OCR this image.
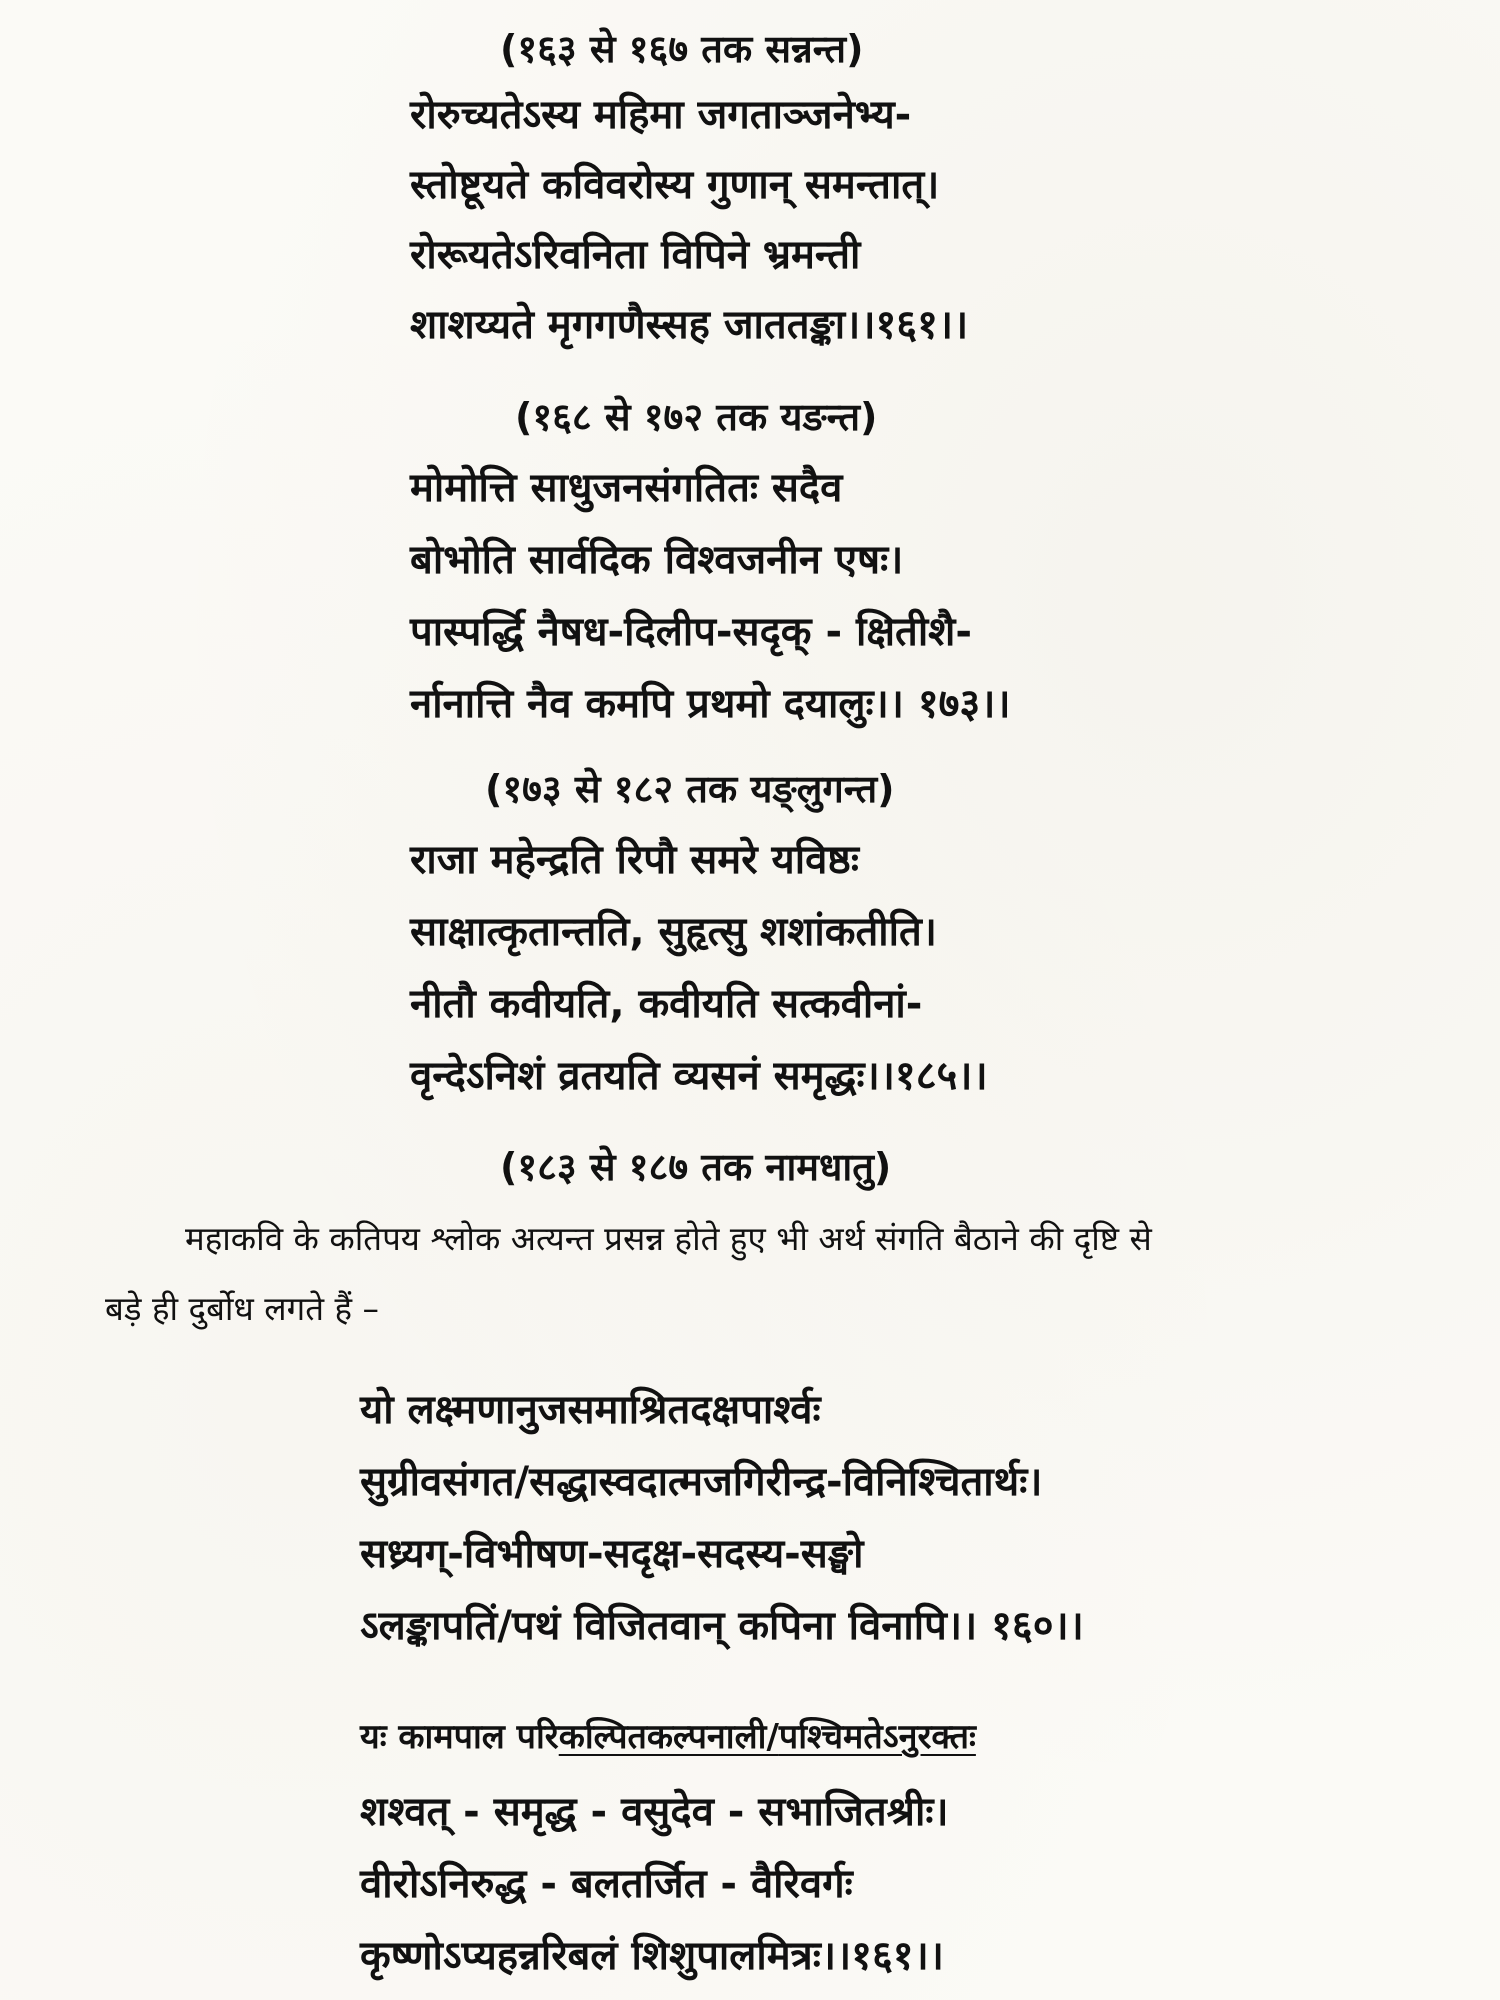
(१६३ से १६७ तक सन्नन्त)
रोरुच्यतेऽस्य महिमा जगताञ्जनेभ्य-
स्तोष्टूयते कविवरोस्य गुणान् समन्तात्।
रोरूयतेऽरिवनिता विपिने भ्रमन्ती
शाशय्यते मृगगणैस्सह जाततङ्का।।१६१।।
(१६८ से १७२ तक यङन्त)
मोमोत्ति साधुजनसंगतितः सदैव
बोभोति सार्वदिक विश्वजनीन एषः।
पास्पर्द्धि नैषध-दिलीप-सदृक् - क्षितीशै-
र्नानात्ति नैव कमपि प्रथमो दयालुः।। १७३।।
(१७३ से १८२ तक यङ्लुगन्त)
राजा महेन्द्रति रिपौ समरे यविष्ठः
साक्षात्कृतान्तति, सुहृत्सु शशांकतीति।
नीतौ कवीयति, कवीयति सत्कवीनां-
वृन्देऽनिशं व्रतयति व्यसनं समृद्धः।।१८५।।
(१८३ से १८७ तक नामधातु)
महाकवि के कतिपय श्लोक अत्यन्त प्रसन्न होते हुए भी अर्थ संगति बैठाने की दृष्टि से
बड़े ही दुर्बोध लगते हैं –
यो लक्ष्मणानुजसमाश्रितदक्षपार्श्वः
सुग्रीवसंगत/सद्धास्वदात्मजगिरीन्द्र-विनिश्चितार्थः।
सध्र्यग्-विभीषण-सदृक्ष-सदस्य-सङ्घो
ऽलङ्कापतिं/पथं विजितवान् कपिना विनापि।। १६०।।
यः कामपाल परिकल्पितकल्पनाली/पश्चिमतेऽनुरक्तः
शश्वत् - समृद्ध - वसुदेव - सभाजितश्रीः।
वीरोऽनिरुद्ध - बलतर्जित - वैरिवर्गः
कृष्णोऽप्यहन्नरिबलं शिशुपालमित्रः।।१६१।।
